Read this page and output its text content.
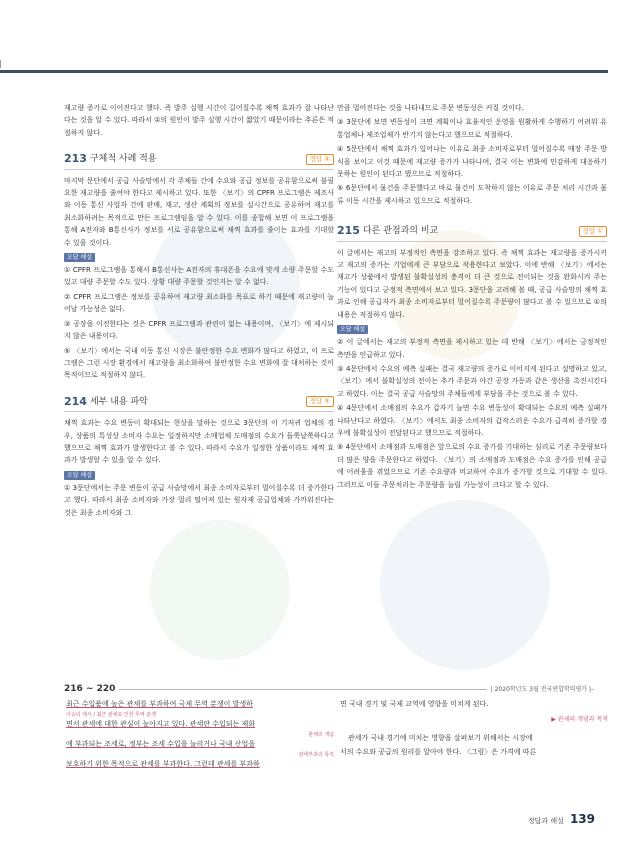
재고량 증가로 이어진다고 했다. 즉 발주 실행 시간이 길어질수록 채찍 효과가 잘 나타난다는 것을 알 수 있다. 따라서 ①의 원인이 발주 실행 시간이 짧았기 때문이라는 추론은 적절하지 않다.

213 구체적 사례 적용	정답 ④

마지막 문단에서 공급 사슬망에서 각 주체들 간에 수요와 공급 정보를 공유함으로써 불필요한 재고량을 줄여야 한다고 제시하고 있다. 또한 〈보기〉의 CPFR 프로그램은 제조사와 이동 통신 사업자 간에 판매, 재고, 생산 계획의 정보를 실시간으로 공유하여 재고를 최소화하려는 목적으로 만든 프로그램임을 알 수 있다. 이를 종합해 보면 이 프로그램을 통해 A전자와 B통신사가 정보를 서로 공유함으로써 채찍 효과를 줄이는 효과를 기대할 수 있을 것이다.

오답 해설

① CPFR 프로그램을 통해서 B통신사는 A전자의 휴대폰을 수요에 맞게 소량 주문할 수도 있고 대량 주문할 수도 있다. 상황 대량 주문할 것인지는 알 수 없다.

② CPFR 프로그램은 정보를 공유하여 재고량 최소화를 목표로 하기 때문에 재고량이 늘어날 가능성은 없다.

③ 공장을 이전한다는 것은 CPFR 프로그램과 관련이 없는 내용이며, 〈보기〉에 제시되지 않은 내용이다.

⑤ 〈보기〉에서는 국내 이동 통신 시장은 불안정한 수요 변화가 많다고 하였고, 이 프로그램은 그런 시장 환경에서 재고량을 최소화하여 불안정한 수요 변화에 잘 대처하는 것이 목적이므로 적절하지 않다.

214 세부 내용 파악	정답 ⑤

채찍 효과는 수요 변동이 확대되는 현상을 말하는 것으로 3문단의 이 기저귀 업체의 경우, 상품의 특성상 소비자 수요는 일정하지만 소매업체 도매점의 수요가 들쭉날쭉하다고 했으므로 채찍 효과가 발생한다고 볼 수 있다. 따라서 수요가 일정한 상품이라도 채찍 효과가 발생할 수 있을 알 수 있다.

오답 해설

① 3문단에서는 주문 변동이 공급 사슬망에서 최종 소비자로부터 멀어질수록 더 증가한다고 했다. 따라서 최종 소비자와 가장 멀리 떨어져 있는 원자재 공급업체와 가까워진다는 것은 최종 소비자와 그

만큼 멀어진다는 것을 나타내므로 주문 변동성은 커질 것이다.

③ 3문단에 보면 변동성이 크면 계획이나 효율적인 운영을 원활하게 수행하기 어려워 유통업체나 제조업체가 반기지 않는다고 했으므로 적절하다.

④ 5문단에서 채찍 효과가 일어나는 이유로 최종 소비자로부터 멀어질수록 매장 주문 방식을 보이고 이것 때문에 재고량 증가가 나타나며, 결국 이는 변화에 민감하게 대응하기 못하는 원인이 된다고 했으므로 적절하다.

⑤ 6문단에서 물건을 주문했다고 바로 물건이 도착하지 않는 이유로 주문 처리 시간과 물류 이동 시간을 제시하고 있으므로 적절하다.

215 다른 관점과의 비교	정답 ①

이 글에서는 재고의 부정적인 측면을 강조하고 있다. 즉 채찍 효과는 재고량을 증가시키고 재고의 증가는 기업에게 큰 부담으로 작용한다고 보았다. 이에 반해 〈보기〉에서는 재고가 상품에서 발생된 불확실성의 충격이 더 큰 것으로 전이되는 것을 완화시켜 주는 기능이 있다고 긍정적 측면에서 보고 있다. 3문단을 고려해 볼 때, 공급 사슬망의 채찍 효과로 인해 공급자가 최종 소비자로부터 멀어질수록 주문량이 많다고 볼 수 있으므로 ①의 내용은 적절하지 않다.

오답 해설

② 이 글에서는 재고의 부정적 측면을 제시하고 있는 데 반해 〈보기〉에서는 긍정적인 측면을 언급하고 있다.

③ 4문단에서 수요의 예측 실패는 결국 재고량의 증가로 이어지게 된다고 설명하고 있고, 〈보기〉에서 불확실성의 전이는 추가 주문과 야간 공장 가동과 같은 생산을 촉진시킨다고 하였다. 이는 결국 공급 사슬망의 주체들에게 부담을 주는 것으로 볼 수 있다.

④ 4문단에서 소매점의 수요가 갑자기 늘면 수요 변동성이 확대되는 수요의 예측 실패가 나타난다고 하였다. 〈보기〉에서도 최종 소비자의 갑작스러운 수요가 급격히 증가할 경우에 불확실성이 전달된다고 했으므로 적절하다.

⑤ 4문단에서 소매점과 도매점은 앞으로의 수요 증가를 기대하는 심리로 기존 주문량보다 더 많은 양을 주문한다고 하였다. 〈보기〉의 소매점과 도매점은 수요 증가를 인해 공급에 어려움을 겪었으므로 기존 수요량과 비교하여 수요가 증가할 것으로 기대할 수 있다. 그러므로 이들 주문처리는 주문량을 늘릴 가능성이 크다고 할 수 있다.

216 ~ 220	| 2020학년도 3월 전국연합학력평가 |

최근 수입품에 높은 관세를 부과하여 국제 무역 분쟁이 발생하

이슈의 제시 / 최근 관세로 인한 무역 분쟁

면서 관세에 대한 관심이 높아지고 있다. 관세란 수입되는 제화

관세의 개념

에 부과되는 조세로, 정부는 조세 수입을 늘리거나 국내 산업을

관세부과의 목적

보호하기 위한 목적으로 관세를 부과한다. 그런데 관세를 부과하

면 국내 경기 및 국제 교역에 영향을 미치게 된다.

▶ 관세의 개념과 목적

관세가 국내 경기에 미치는 영향을 살펴보기 위해서는 시장에

서의 수요와 공급의 원리를 알아야 한다. 〈그림〉은 가격에 따른

정답과 해설 139
